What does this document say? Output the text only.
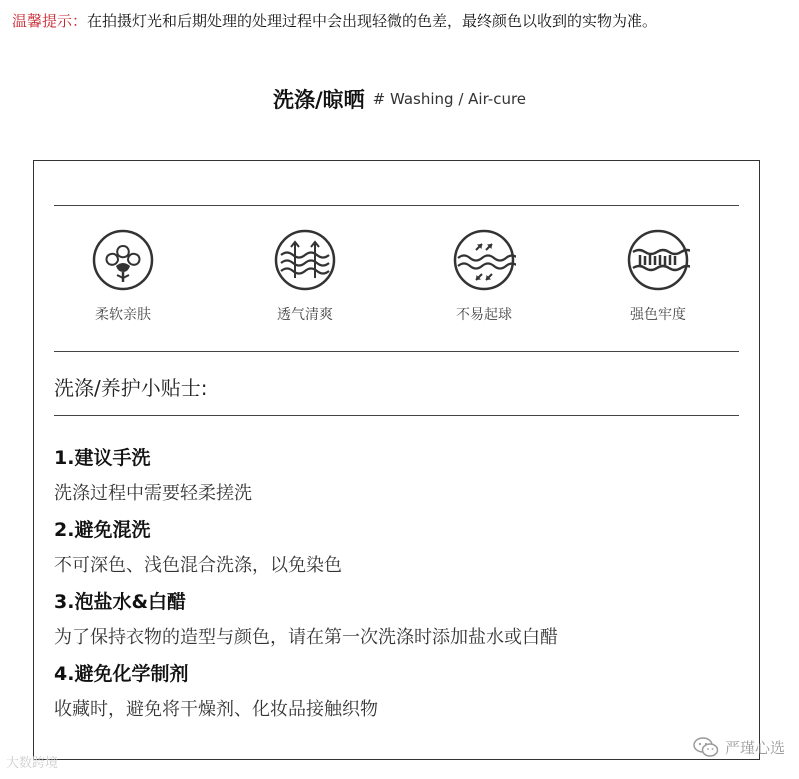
温馨提示：在拍摄灯光和后期处理的处理过程中会出现轻微的色差，最终颜色以收到的实物为准。
洗涤/晾晒 # Washing / Air-cure
柔软亲肤	透气清爽	不易起球	强色牢度
洗涤/养护小贴士:
1.建议手洗
洗涤过程中需要轻柔搓洗
2.避免混洗
不可深色、浅色混合洗涤，以免染色
3.泡盐水&白醋
为了保持衣物的造型与颜色，请在第一次洗涤时添加盐水或白醋
4.避免化学制剂
收藏时，避免将干燥剂、化妆品接触织物
大数跨境
严瑾心选
